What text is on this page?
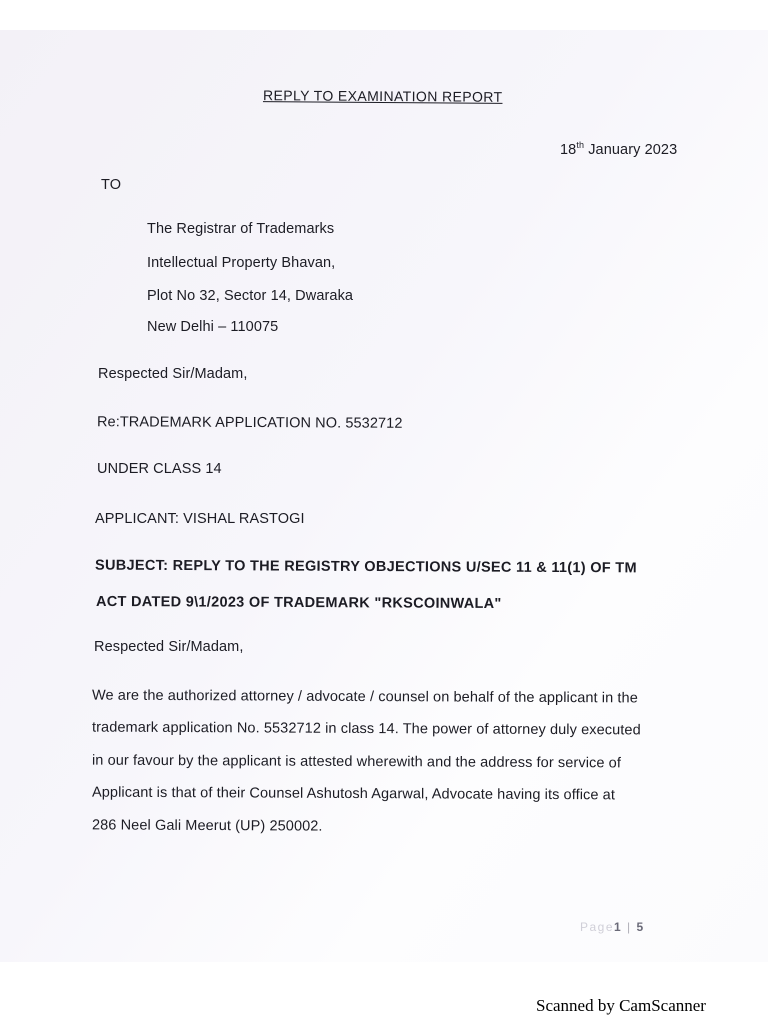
REPLY TO EXAMINATION REPORT
18th January 2023
TO
The Registrar of Trademarks
Intellectual Property Bhavan,
Plot No 32, Sector 14, Dwaraka
New Delhi – 110075
Respected Sir/Madam,
Re:TRADEMARK APPLICATION NO. 5532712
UNDER CLASS 14
APPLICANT: VISHAL RASTOGI
SUBJECT: REPLY TO THE REGISTRY OBJECTIONS U/SEC 11 & 11(1) OF TM
ACT DATED 9\1/2023 OF TRADEMARK "RKSCOINWALA"
Respected Sir/Madam,
We are the authorized attorney / advocate / counsel on behalf of the applicant in the
trademark application No. 5532712 in class 14. The power of attorney duly executed
in our favour by the applicant is attested wherewith and the address for service of
Applicant is that of their Counsel Ashutosh Agarwal, Advocate having its office at
286 Neel Gali Meerut (UP) 250002.
Page1 | 5
Scanned by CamScanner
